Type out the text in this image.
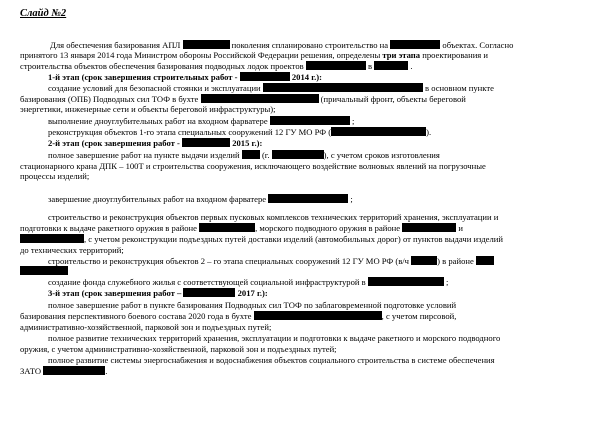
Слайд №2
Для обеспечения базирования АПЛ	поколения спланировано строительство на	объектах. Согласно
принятого 13 января 2014 года Министром обороны Российской Федерации решения, определены три этапа проектирования и
строительства объектов обеспечения базирования подводных лодок проектов	в	.
1-й этап (срок завершения строительных работ -	2014 г.):
создание условий для безопасной стоянки и эксплуатации	в основном пункте
базирования (ОПБ) Подводных сил ТОФ в бухте	(причальный фронт, объекты береговой
энергетики, инженерные сети и объекты береговой инфраструктуры);
выполнение дноуглубительных работ на входном фарватере	;
реконструкция объектов 1-го этапа специальных сооружений 12 ГУ МО РФ (	).
2-й этап (срок завершения работ -	2015 г.):
полное завершение работ на пункте выдачи изделий	(г.	), с учетом сроков изготовления
стационарного крана ДПК – 100Т и строительства сооружения, исключающего воздействие волновых явлений на погрузочные
процессы изделий;
завершение дноуглубительных работ на входном фарватере	;
строительство и реконструкция объектов первых пусковых комплексов технических территорий хранения, эксплуатации и
подготовки к выдаче ракетного оружия в районе	, морского подводного оружия в районе	и
, с учетом реконструкции подъездных путей доставки изделий (автомобильных дорог) от пунктов выдачи изделий
до технических территорий;
строительство и реконструкция объектов 2 – го этапа специальных сооружений 12 ГУ МО РФ (в/ч	) в районе
создание фонда служебного жилья с соответствующей социальной инфраструктурой в	;
3-й этап (срок завершения работ –	2017 г.):
полное завершение работ в пункте базирования Подводных сил ТОФ по заблаговременной подготовке условий
базирования перспективного боевого состава 2020 года в бухте	, с учетом пирсовой,
административно-хозяйственной, парковой зон и подъездных путей;
полное развитие технических территорий хранения, эксплуатации и подготовки к выдаче ракетного и морского подводного
оружия, с учетом административно-хозяйственной, парковой зон и подъездных путей;
полное развитие системы энергоснабжения и водоснабжения объектов социального строительства в системе обеспечения
ЗАТО	.
